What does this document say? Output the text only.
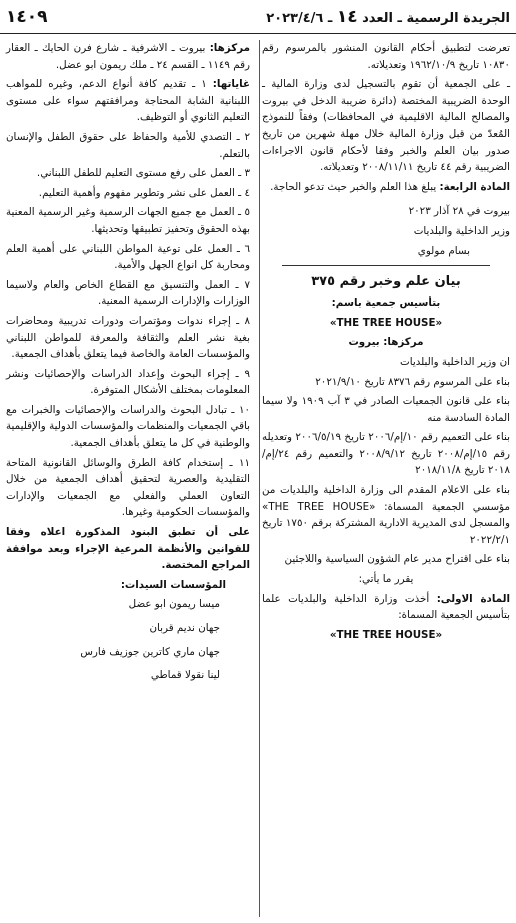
الجريدة الرسمية ـ العدد ١٤ ـ ٢٠٢٣/٤/٦
١٤٠٩

تعرضت لتطبيق أحكام القانون المنشور بالمرسوم رقم ١٠٨٣٠ تاريخ ١٩٦٢/١٠/٩ وتعديلاته.

ـ على الجمعية أن تقوم بالتسجيل لدى وزارة المالية ـ الوحدة الضريبية المختصة (دائرة ضريبة الدخل في بيروت والمصالح المالية الاقليمية في المحافظات) وفقاً للنموذج المُعدّ من قبل وزارة المالية خلال مهلة شهرين من تاريخ صدور بيان العلم والخبر وفقا لأحكام قانون الاجراءات الضريبية رقم ٤٤ تاريخ ٢٠٠٨/١١/١١ وتعديلاته.

المادة الرابعة: يبلغ هذا العلم والخبر حيث تدعو الحاجة.

بيروت في ٢٨ آذار ٢٠٢٣

وزير الداخلية والبلديات

بسام مولوي

بيان علم وخبر رقم ٣٧٥

بتأسيس جمعية باسم:

«THE TREE HOUSE»

مركزها: بيروت

ان وزير الداخلية والبلديات

بناء على المرسوم رقم ٨٣٧٦ تاريخ ٢٠٢١/٩/١٠

بناء على قانون الجمعيات الصادر في ٣ آب ١٩٠٩ ولا سيما المادة السادسة منه

بناء على التعميم رقم ١٠/إم/٢٠٠٦ تاريخ ٢٠٠٦/٥/١٩ وتعديله رقم ١٥/إم/٢٠٠٨ تاريخ ٢٠٠٨/٩/١٢ والتعميم رقم ٢٤/إم/٢٠١٨ تاريخ ٢٠١٨/١١/٨

بناء على الاعلام المقدم الى وزارة الداخلية والبلديات من مؤسسي الجمعية المسماة: «THE TREE HOUSE» والمسجل لدى المديرية الادارية المشتركة برقم ١٧٥٠ تاريخ ٢٠٢٢/٢/١

بناء على اقتراح مدير عام الشؤون السياسية واللاجئين

يقرر ما يأتي:

المادة الاولى: أخذت وزارة الداخلية والبلديات علما بتأسيس الجمعية المسماة:

«THE TREE HOUSE»

مركزها: بيروت ـ الاشرفية ـ شارع فرن الحايك ـ العقار رقم ١١٤٩ ـ القسم ٢٤ ـ ملك ريمون ابو عضل.

غاياتها: ١ ـ تقديم كافة أنواع الدعم، وغيره للمواهب اللبنانية الشابة المحتاجة ومرافقتهم سواء على مستوى التعليم الثانوي أو التوظيف.

٢ ـ التصدي للأمية والحفاظ على حقوق الطفل والإنسان بالتعلم.

٣ ـ العمل على رفع مستوى التعليم للطفل اللبناني.

٤ ـ العمل على نشر وتطوير مفهوم وأهمية التعليم.

٥ ـ العمل مع جميع الجهات الرسمية وغير الرسمية المعنية بهذه الحقوق وتحفيز تطبيقها وتحديثها.

٦ ـ العمل على توعية المواطن اللبناني على أهمية العلم ومحاربة كل انواع الجهل والأمية.

٧ ـ العمل والتنسيق مع القطاع الخاص والعام ولاسيما الوزارات والإدارات الرسمية المعنية.

٨ ـ إجراء ندوات ومؤتمرات ودورات تدريبية ومحاضرات بغية نشر العلم والثقافة والمعرفة للمواطن اللبناني والمؤسسات العامة والخاصة فيما يتعلق بأهداف الجمعية.

٩ ـ إجراء البحوث وإعداد الدراسات والإحصائيات ونشر المعلومات بمختلف الأشكال المتوفرة.

١٠ ـ تبادل البحوث والدراسات والإحصائيات والخبرات مع باقي الجمعيات والمنظمات والمؤسسات الدولية والإقليمية والوطنية في كل ما يتعلق بأهداف الجمعية.

١١ ـ إستخدام كافة الطرق والوسائل القانونية المتاحة التقليدية والعصرية لتحقيق أهداف الجمعية من خلال التعاون العملي والفعلي مع الجمعيات والإدارات والمؤسسات الحكومية وغيرها.

على أن تطبق البنود المذكورة اعلاه وفقا للقوانين والأنظمة المرعية الإجراء وبعد موافقة المراجع المختصة.

المؤسسات السيدات:

ميسا ريمون ابو عضل

جهان نديم قربان

جهان ماري كاترين جوزيف فارس

لينا نقولا قماطي
